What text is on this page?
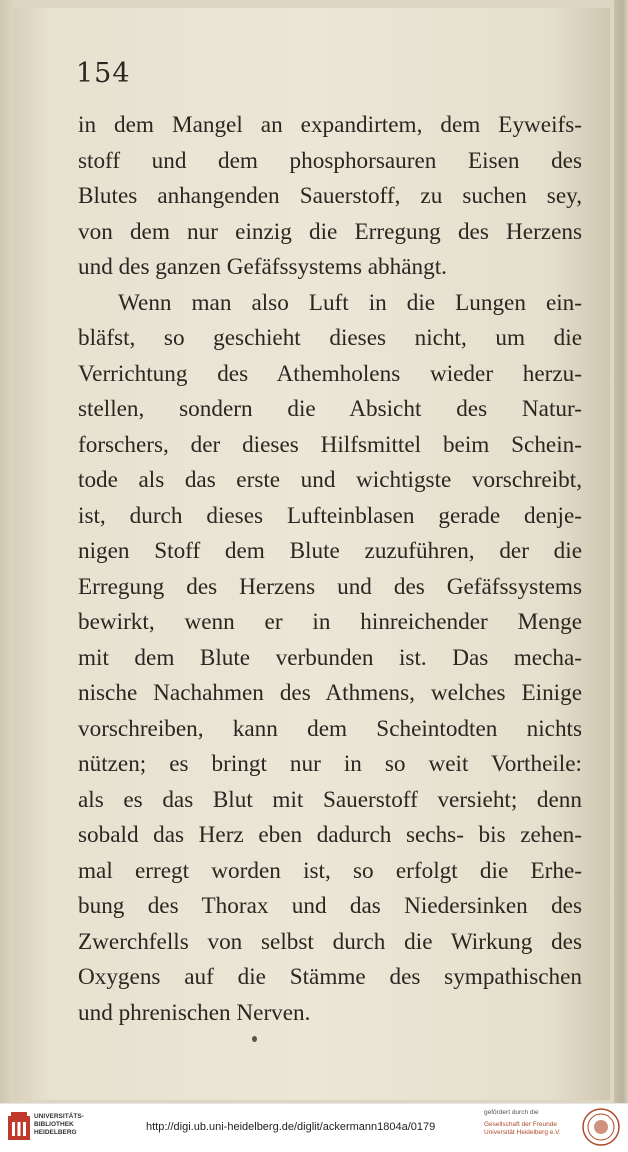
154
in dem Mangel an expandirtem, dem Eyweifs-
stoff und dem phosphorsauren Eisen des
Blutes anhangenden Sauerstoff, zu suchen sey,
von dem nur einzig die Erregung des Herzens
und des ganzen Gefäfssystems abhängt.
Wenn man also Luft in die Lungen ein-
bläfst, so geschieht dieses nicht, um die
Verrichtung des Athemholens wieder herzu-
stellen, sondern die Absicht des Natur-
forschers, der dieses Hilfsmittel beim Schein-
tode als das erste und wichtigste vorschreibt,
ist, durch dieses Lufteinblasen gerade denje-
nigen Stoff dem Blute zuzuführen, der die
Erregung des Herzens und des Gefäfssystems
bewirkt, wenn er in hinreichender Menge
mit dem Blute verbunden ist. Das mecha-
nische Nachahmen des Athmens, welches Einige
vorschreiben, kann dem Scheintodten nichts
nützen; es bringt nur in so weit Vortheile:
als es das Blut mit Sauerstoff versieht; denn
sobald das Herz eben dadurch sechs- bis zehen-
mal erregt worden ist, so erfolgt die Erhe-
bung des Thorax und das Niedersinken des
Zwerchfells von selbst durch die Wirkung des
Oxygens auf die Stämme des sympathischen
und phrenischen Nerven.
UNIVERSITÄTS-
BIBLIOTHEK
HEIDELBERG	http://digi.ub.uni-heidelberg.de/diglit/ackermann1804a/0179
gefördert durch die
Gesellschaft der Freunde
Universität Heidelberg e.V.
